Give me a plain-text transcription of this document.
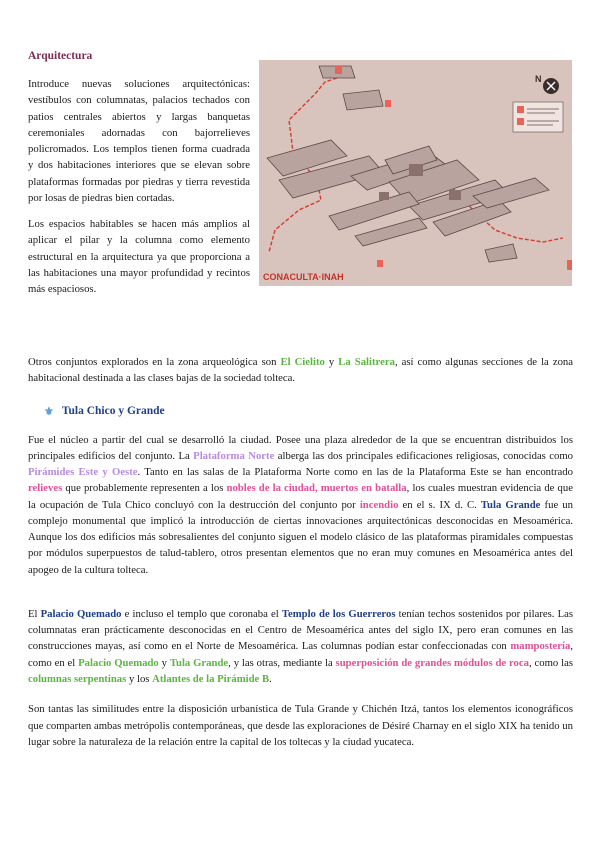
Arquitectura

Introduce nuevas soluciones arquitectónicas: vestíbulos con columnatas, palacios techados con patios centrales abiertos y largas banquetas ceremoniales adornadas con bajorrelieves policromados. Los templos tienen forma cuadrada y dos habitaciones interiores que se elevan sobre plataformas formadas por piedras y tierra revestida por losas de piedras bien cortadas.

Los espacios habitables se hacen más amplios al aplicar el pilar y la columna como elemento estructural en la arquitectura ya que proporciona a las habitaciones una mayor profundidad y recintos más espaciosos.

N
CONACULTA·INAH

Otros conjuntos explorados en la zona arqueológica son El Cielito y La Salitrera, así como algunas secciones de la zona habitacional destinada a las clases bajas de la sociedad tolteca.

⚜ Tula Chico y Grande

Fue el núcleo a partir del cual se desarrolló la ciudad. Posee una plaza alrededor de la que se encuentran distribuidos los principales edificios del conjunto. La Plataforma Norte alberga las dos principales edificaciones religiosas, conocidas como Pirámides Este y Oeste. Tanto en las salas de la Plataforma Norte como en las de la Plataforma Este se han encontrado relieves que probablemente representen a los nobles de la ciudad, muertos en batalla, los cuales muestran evidencia de que la ocupación de Tula Chico concluyó con la destrucción del conjunto por incendio en el s. IX d. C. Tula Grande fue un complejo monumental que implicó la introducción de ciertas innovaciones arquitectónicas desconocidas en Mesoamérica. Aunque los dos edificios más sobresalientes del conjunto siguen el modelo clásico de las plataformas piramidales compuestas por módulos superpuestos de talud-tablero, otros presentan elementos que no eran muy comunes en Mesoamérica antes del apogeo de la cultura tolteca.

El Palacio Quemado e incluso el templo que coronaba el Templo de los Guerreros tenían techos sostenidos por pilares. Las columnatas eran prácticamente desconocidas en el Centro de Mesoamérica antes del siglo IX, pero eran comunes en las construcciones mayas, así como en el Norte de Mesoamérica. Las columnas podían estar confeccionadas con mampostería, como en el Palacio Quemado y Tula Grande, y las otras, mediante la superposición de grandes módulos de roca, como las columnas serpentinas y los Atlantes de la Pirámide B.

Son tantas las similitudes entre la disposición urbanística de Tula Grande y Chichén Itzá, tantos los elementos iconográficos que comparten ambas metrópolis contemporáneas, que desde las exploraciones de Désiré Charnay en el siglo XIX ha tenido un lugar sobre la naturaleza de la relación entre la capital de los toltecas y la ciudad yucateca.
